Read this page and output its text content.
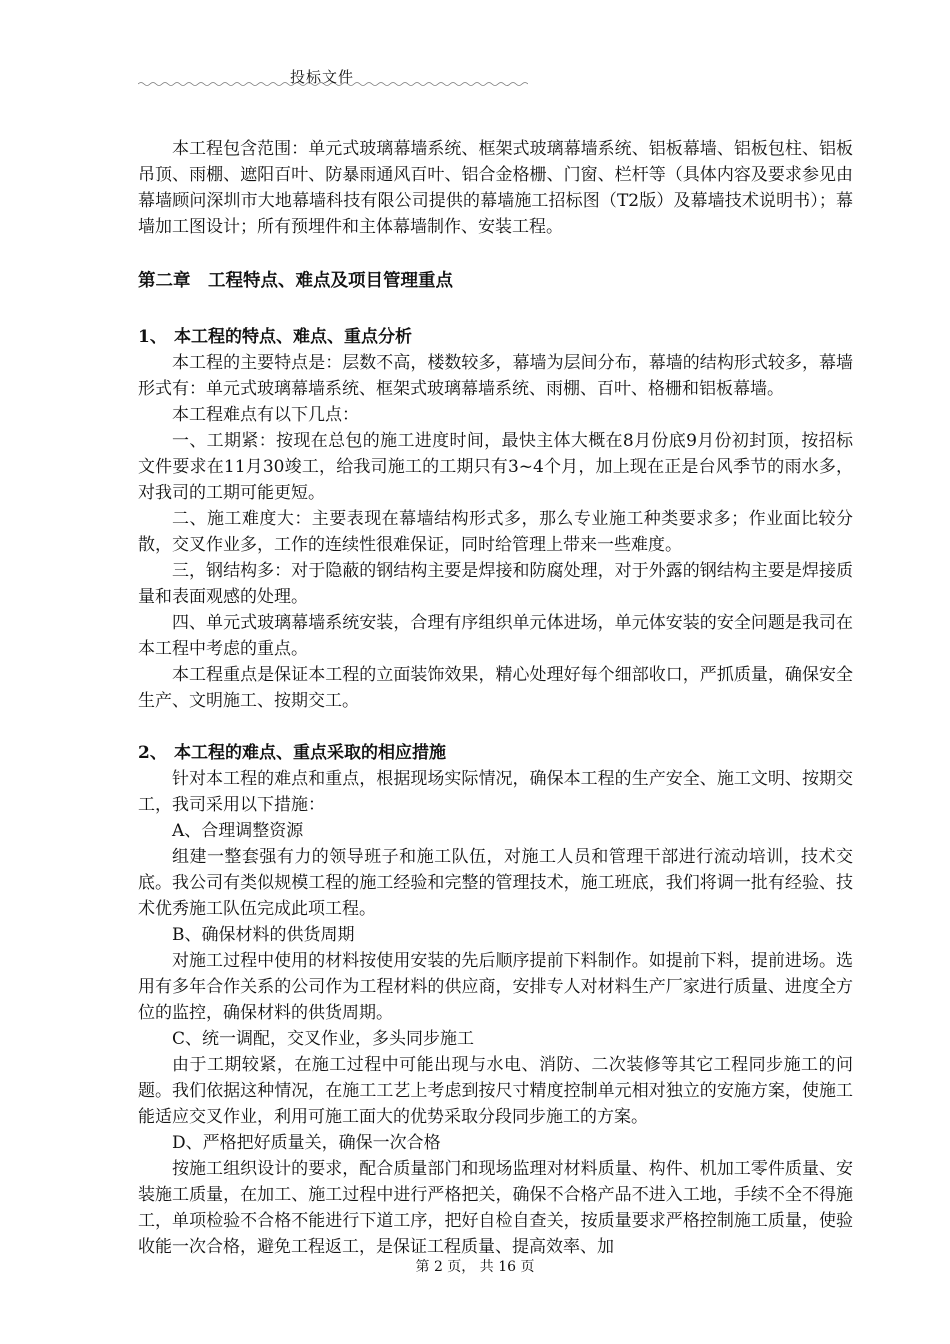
投标文件

本工程包含范围：单元式玻璃幕墙系统、框架式玻璃幕墙系统、铝板幕墙、铝板包柱、铝板吊顶、雨棚、遮阳百叶、防暴雨通风百叶、铝合金格栅、门窗、栏杆等（具体内容及要求参见由幕墙顾问深圳市大地幕墙科技有限公司提供的幕墙施工招标图（T2版）及幕墙技术说明书）；幕墙加工图设计；所有预埋件和主体幕墙制作、安装工程。

第二章　工程特点、难点及项目管理重点
1、 本工程的特点、难点、重点分析

本工程的主要特点是：层数不高，楼数较多，幕墙为层间分布，幕墙的结构形式较多，幕墙形式有：单元式玻璃幕墙系统、框架式玻璃幕墙系统、雨棚、百叶、格栅和铝板幕墙。

本工程难点有以下几点：

一、工期紧：按现在总包的施工进度时间，最快主体大概在8月份底9月份初封顶，按招标文件要求在11月30竣工，给我司施工的工期只有3~4个月，加上现在正是台风季节的雨水多，对我司的工期可能更短。

二、施工难度大：主要表现在幕墙结构形式多，那么专业施工种类要求多；作业面比较分散，交叉作业多，工作的连续性很难保证，同时给管理上带来一些难度。

三，钢结构多：对于隐蔽的钢结构主要是焊接和防腐处理，对于外露的钢结构主要是焊接质量和表面观感的处理。

四、单元式玻璃幕墙系统安装，合理有序组织单元体进场，单元体安装的安全问题是我司在本工程中考虑的重点。

本工程重点是保证本工程的立面装饰效果，精心处理好每个细部收口，严抓质量，确保安全生产、文明施工、按期交工。

2、 本工程的难点、重点采取的相应措施

针对本工程的难点和重点，根据现场实际情况，确保本工程的生产安全、施工文明、按期交工，我司采用以下措施：

A、合理调整资源

组建一整套强有力的领导班子和施工队伍，对施工人员和管理干部进行流动培训，技术交底。我公司有类似规模工程的施工经验和完整的管理技术，施工班底，我们将调一批有经验、技术优秀施工队伍完成此项工程。

B、确保材料的供货周期

对施工过程中使用的材料按使用安装的先后顺序提前下料制作。如提前下料，提前进场。选用有多年合作关系的公司作为工程材料的供应商，安排专人对材料生产厂家进行质量、进度全方位的监控，确保材料的供货周期。

C、统一调配，交叉作业，多头同步施工

由于工期较紧，在施工过程中可能出现与水电、消防、二次装修等其它工程同步施工的问题。我们依据这种情况，在施工工艺上考虑到按尺寸精度控制单元相对独立的安施方案，使施工能适应交叉作业，利用可施工面大的优势采取分段同步施工的方案。

D、严格把好质量关，确保一次合格

按施工组织设计的要求，配合质量部门和现场监理对材料质量、构件、机加工零件质量、安装施工质量，在加工、施工过程中进行严格把关，确保不合格产品不进入工地，手续不全不得施工，单项检验不合格不能进行下道工序，把好自检自查关，按质量要求严格控制施工质量，使验收能一次合格，避免工程返工，是保证工程质量、提高效率、加

第 2 页， 共 16 页
